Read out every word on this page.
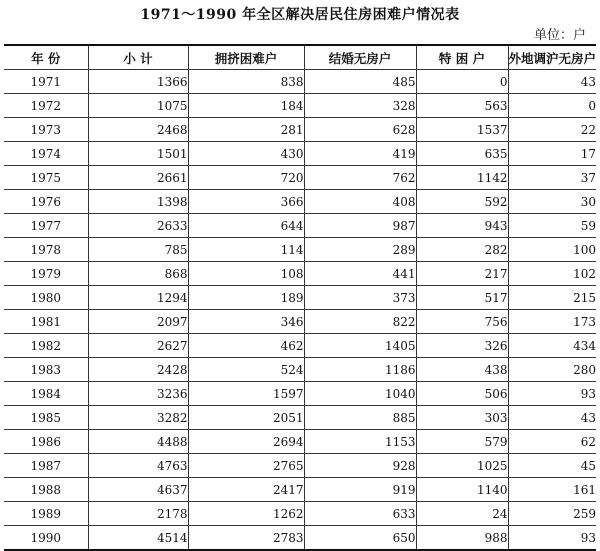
1971～1990 年全区解决居民住房困难户情况表
单位：户
年 份	小 计	拥挤困难户	结婚无房户	特 困 户	外地调沪无房户
1971	1366	838	485	0	43
1972	1075	184	328	563	0
1973	2468	281	628	1537	22
1974	1501	430	419	635	17
1975	2661	720	762	1142	37
1976	1398	366	408	592	30
1977	2633	644	987	943	59
1978	785	114	289	282	100
1979	868	108	441	217	102
1980	1294	189	373	517	215
1981	2097	346	822	756	173
1982	2627	462	1405	326	434
1983	2428	524	1186	438	280
1984	3236	1597	1040	506	93
1985	3282	2051	885	303	43
1986	4488	2694	1153	579	62
1987	4763	2765	928	1025	45
1988	4637	2417	919	1140	161
1989	2178	1262	633	24	259
1990	4514	2783	650	988	93
